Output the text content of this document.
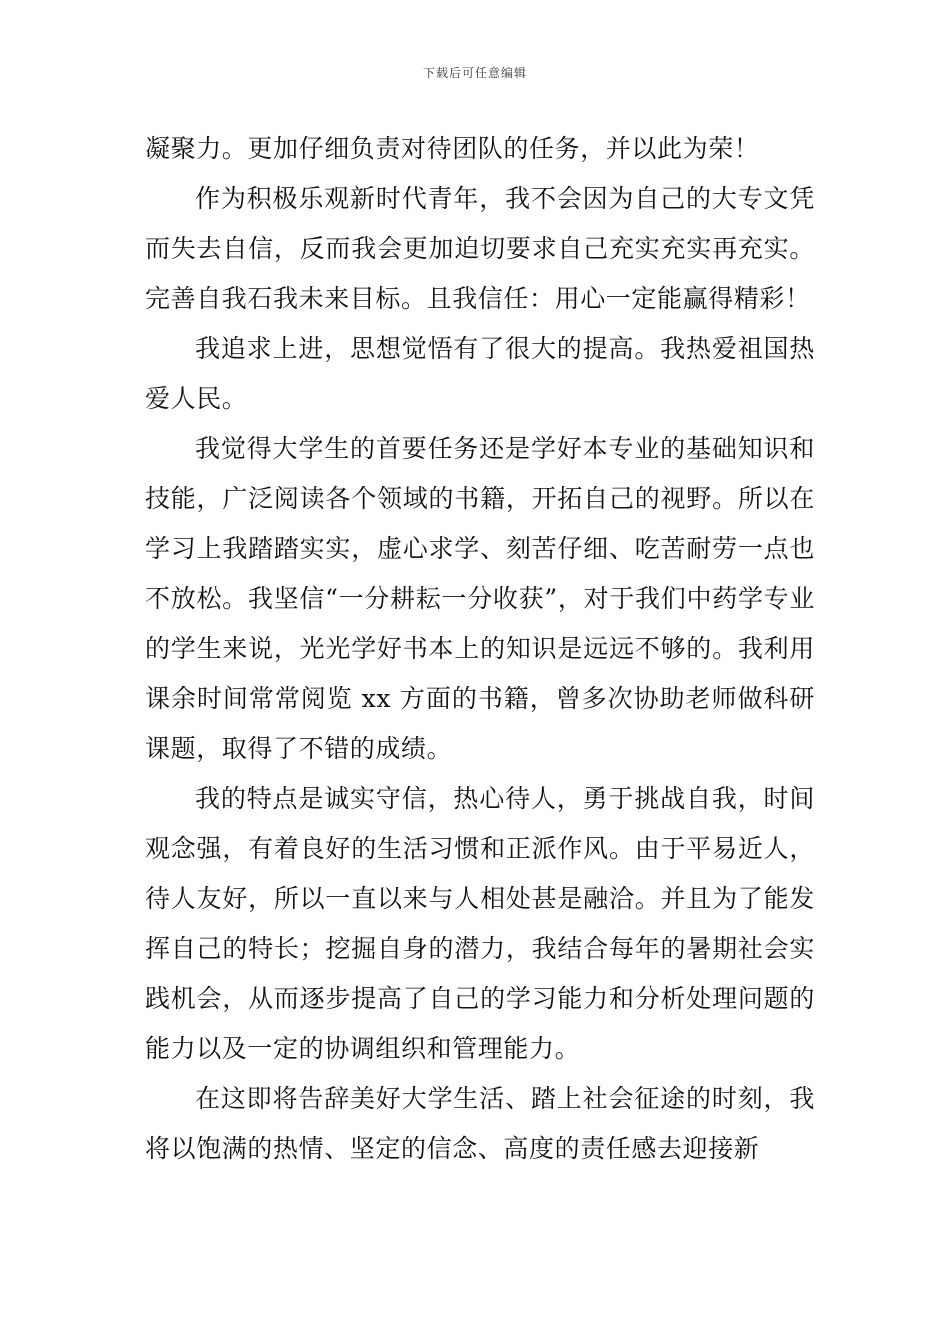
下载后可任意编辑

凝聚力。更加仔细负责对待团队的任务，并以此为荣！

作为积极乐观新时代青年，我不会因为自己的大专文凭而失去自信，反而我会更加迫切要求自己充实充实再充实。完善自我石我未来目标。且我信任：用心一定能赢得精彩！

我追求上进，思想觉悟有了很大的提高。我热爱祖国热爱人民。

我觉得大学生的首要任务还是学好本专业的基础知识和技能，广泛阅读各个领域的书籍，开拓自己的视野。所以在学习上我踏踏实实，虚心求学、刻苦仔细、吃苦耐劳一点也不放松。我坚信“一分耕耘一分收获”，对于我们中药学专业的学生来说，光光学好书本上的知识是远远不够的。我利用课余时间常常阅览 xx 方面的书籍，曾多次协助老师做科研课题，取得了不错的成绩。

我的特点是诚实守信，热心待人，勇于挑战自我，时间观念强，有着良好的生活习惯和正派作风。由于平易近人，待人友好，所以一直以来与人相处甚是融洽。并且为了能发挥自己的特长；挖掘自身的潜力，我结合每年的暑期社会实践机会，从而逐步提高了自己的学习能力和分析处理问题的能力以及一定的协调组织和管理能力。

在这即将告辞美好大学生活、踏上社会征途的时刻，我将以饱满的热情、坚定的信念、高度的责任感去迎接新
